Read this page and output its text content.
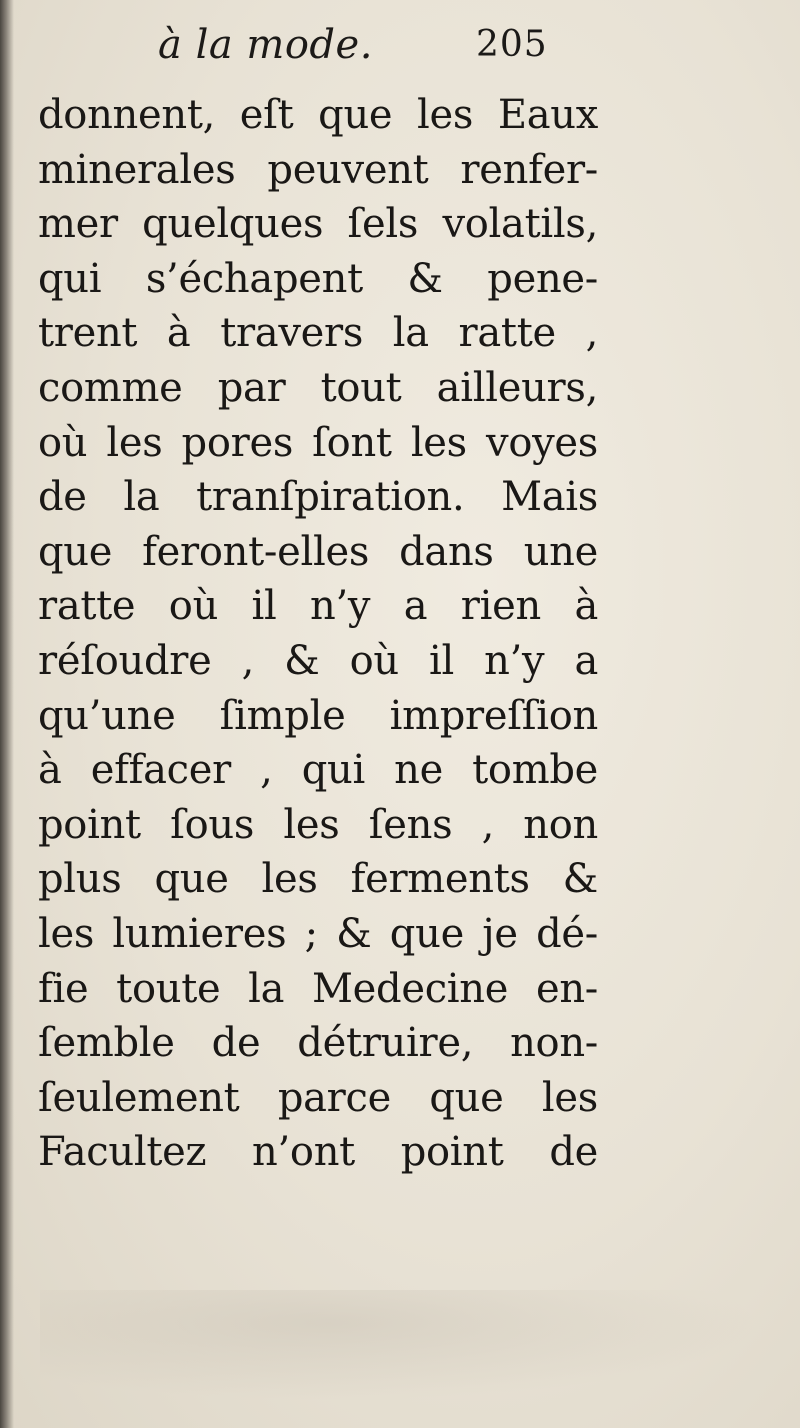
à la mode.	205
donnent, eſt que les Eaux
minerales peuvent renfer-
mer quelques ſels volatils,
qui s’échapent & pene-
trent à travers la ratte ,
comme par tout ailleurs,
où les pores ſont les voyes
de la tranſpiration. Mais
que feront-elles dans une
ratte où il n’y a rien à
réſoudre , & où il n’y a
qu’une ſimple impreſſion
à effacer , qui ne tombe
point ſous les ſens , non
plus que les ferments &
les lumieres ; & que je dé-
fie toute la Medecine en-
ſemble de détruire, non-
ſeulement parce que les
Facultez n’ont point de
